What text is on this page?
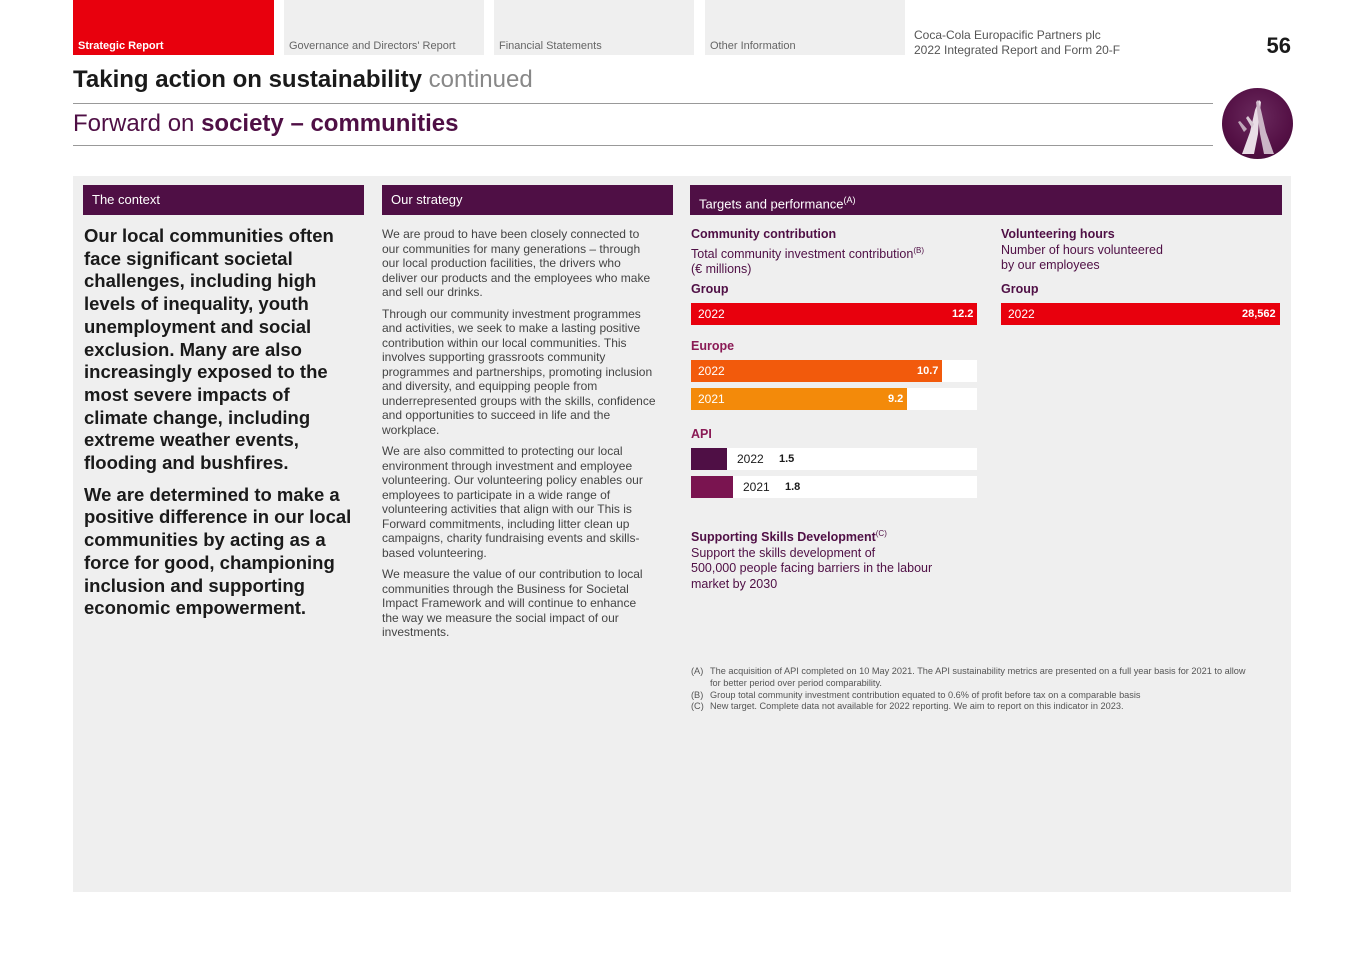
Strategic Report	Governance and Directors' Report	Financial Statements	Other Information
Coca-Cola Europacific Partners plc
2022 Integrated Report and Form 20-F	56
Taking action on sustainability continued
Forward on society – communities
The context	Our strategy	Targets and performance$^{(A)}$

Our local communities often face significant societal challenges, including high levels of inequality, youth unemployment and social exclusion. Many are also increasingly exposed to the most severe impacts of climate change, including extreme weather events, flooding and bushfires.

We are determined to make a positive difference in our local communities by acting as a force for good, championing inclusion and supporting economic empowerment.

We are proud to have been closely connected to our communities for many generations – through our local production facilities, the drivers who deliver our products and the employees who make and sell our drinks.

Through our community investment programmes and activities, we seek to make a lasting positive contribution within our local communities. This involves supporting grassroots community programmes and partnerships, promoting inclusion and diversity, and equipping people from underrepresented groups with the skills, confidence and opportunities to succeed in life and the workplace.

We are also committed to protecting our local environment through investment and employee volunteering. Our volunteering policy enables our employees to participate in a wide range of volunteering activities that align with our This is Forward commitments, including litter clean up campaigns, charity fundraising events and skills-based volunteering.

We measure the value of our contribution to local communities through the Business for Societal Impact Framework and will continue to enhance the way we measure the social impact of our investments.

Community contribution
Total community investment contribution$^{(B)}$
(€ millions)
Group
2022	12.2
Europe
2022	10.7
2021	9.2
API
2022 1.5
2021 1.8
Volunteering hours
Number of hours volunteered
by our employees
Group
2022	28,562
Supporting Skills Development$^{(C)}$
Support the skills development of
500,000 people facing barriers in the labour
market by 2030
(A) The acquisition of API completed on 10 May 2021. The API sustainability metrics are presented on a full year basis for 2021 to allow for better period over period comparability.
(B) Group total community investment contribution equated to 0.6% of profit before tax on a comparable basis
(C) New target. Complete data not available for 2022 reporting. We aim to report on this indicator in 2023.
